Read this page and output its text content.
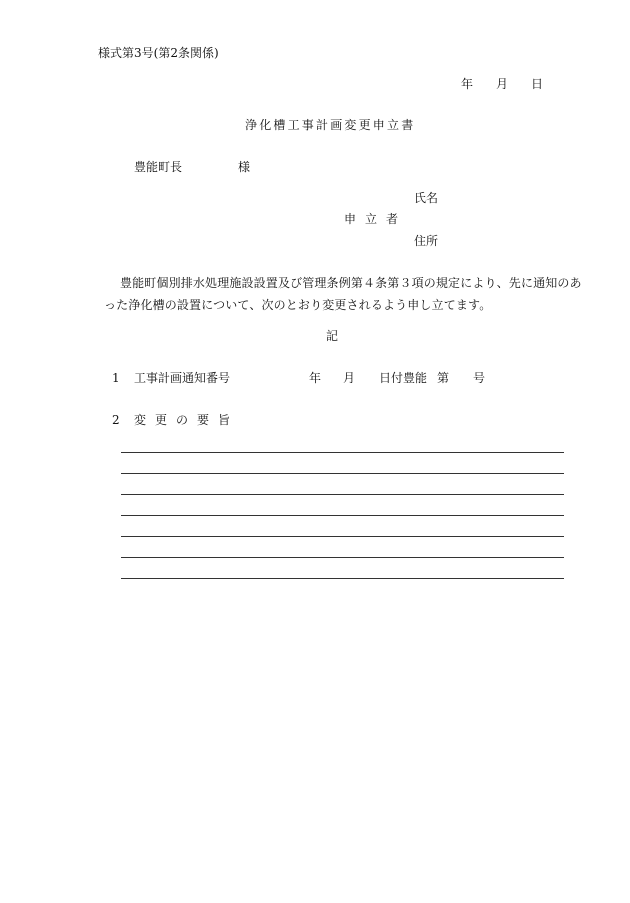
様式第3号(第2条関係)
年 月 日
浄化槽工事計画変更申立書
豊能町長	様
氏名
申立者
住所
豊能町個別排水処理施設設置及び管理条例第４条第３項の規定により、先に通知のあ
った浄化槽の設置について、次のとおり変更されるよう申し立てます。
記
1 工事計画通知番号	年 月 日付豊能 第 号
2 変更の要旨
